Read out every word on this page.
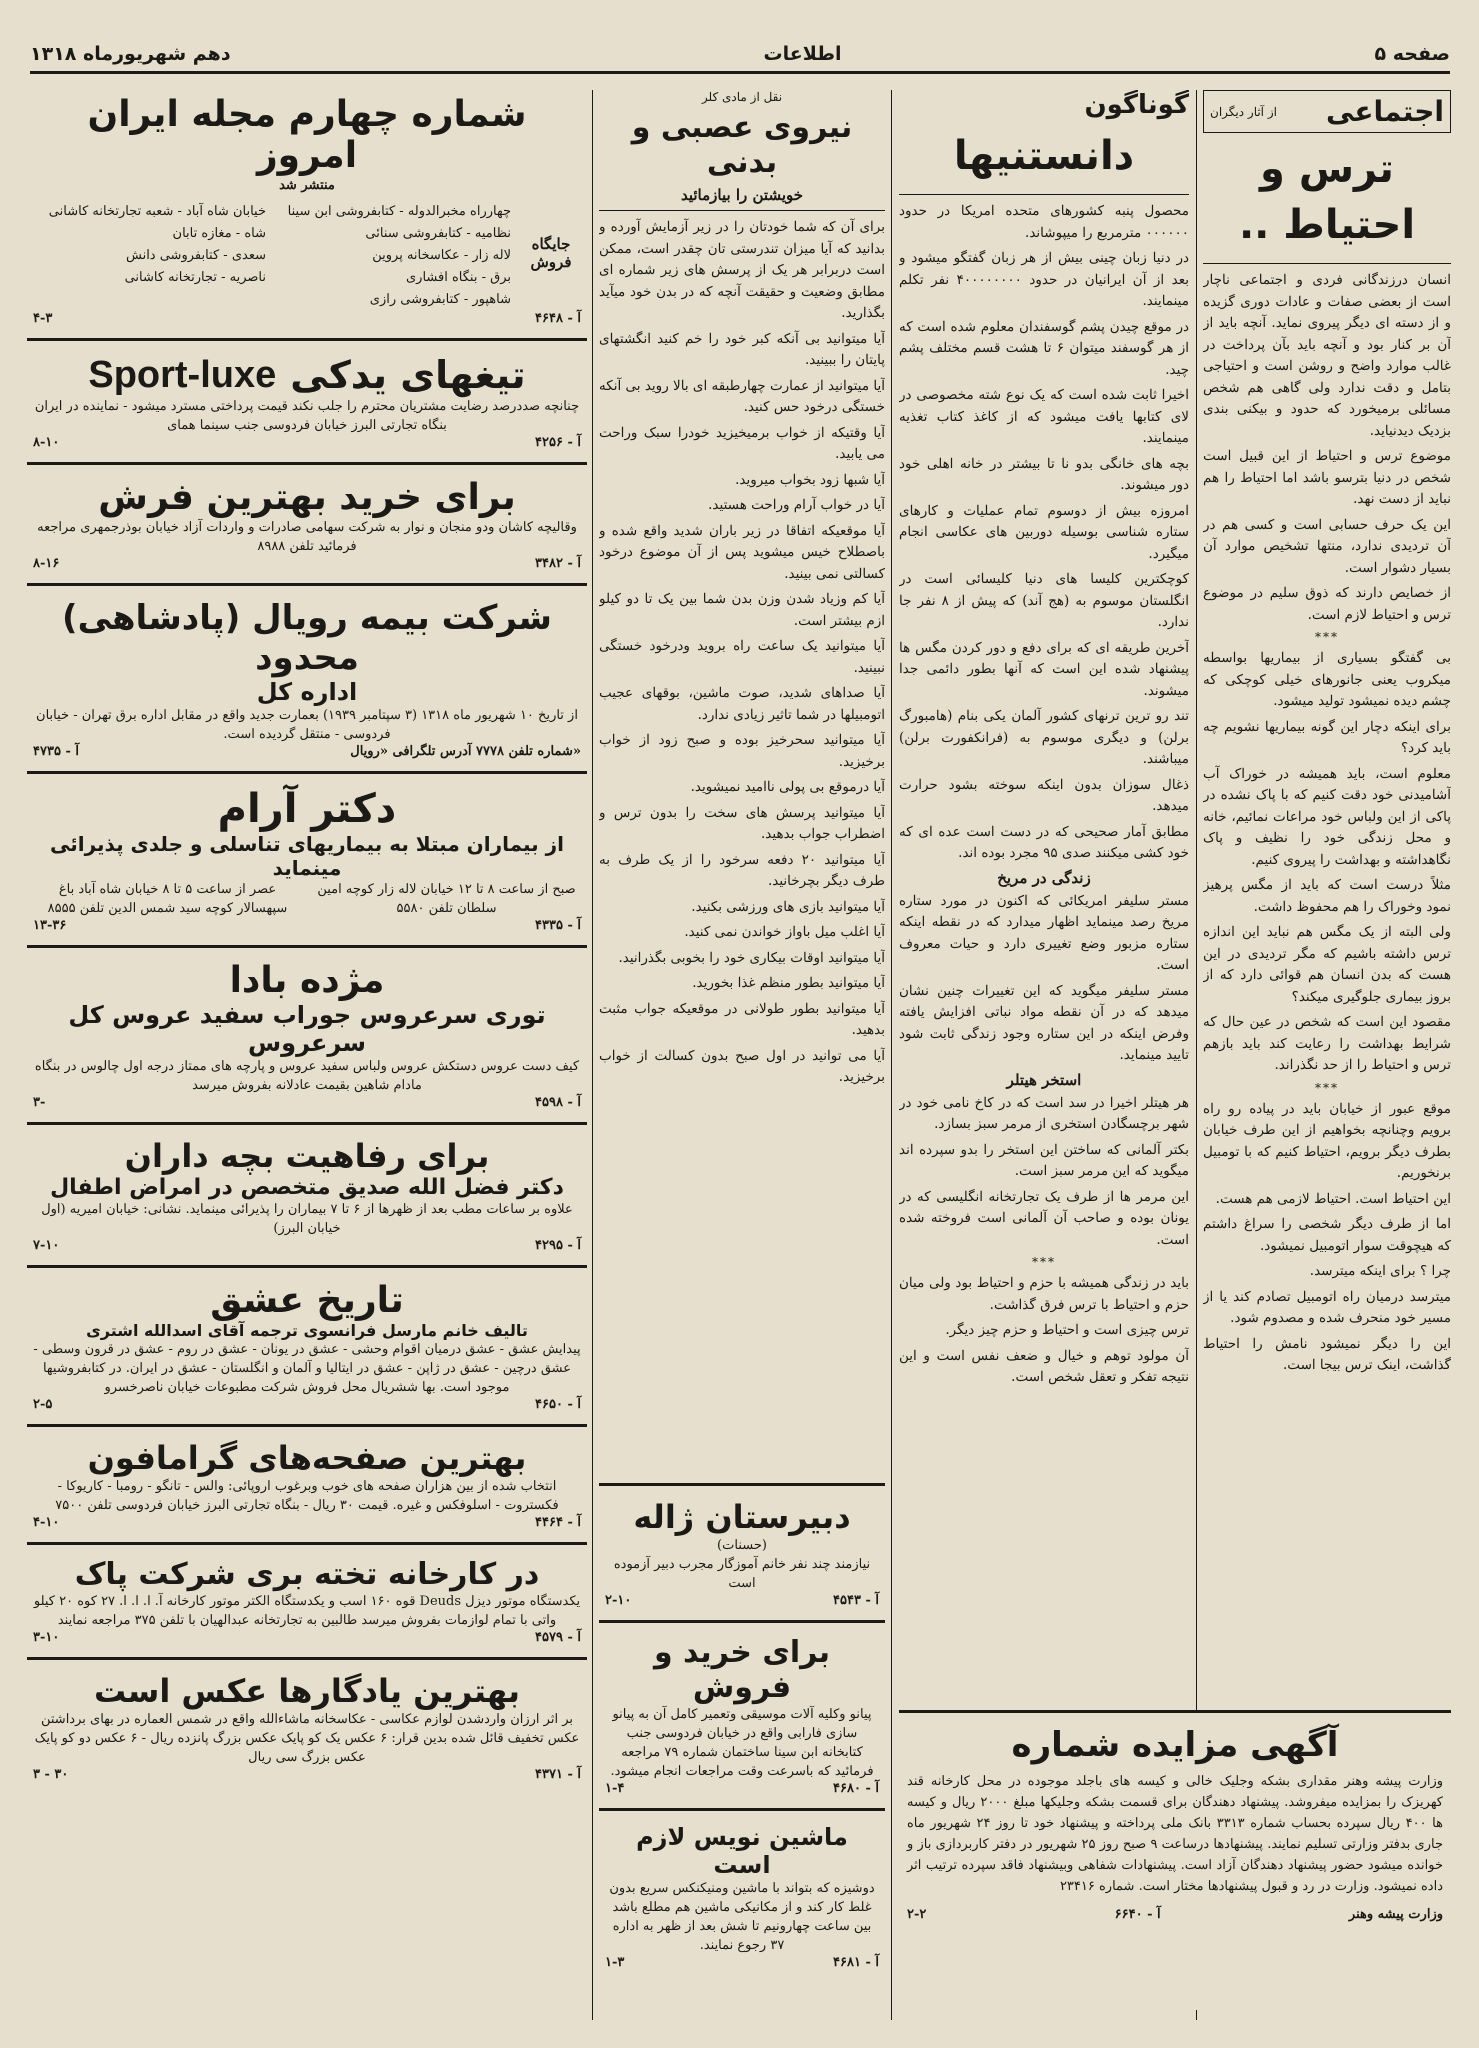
صفحه ۵
اطلاعات
دهم شهریورماه ۱۳۱۸
اجتماعی
از آثار دیگران
ترس و احتیاط ..

انسان درزندگانی فردی و اجتماعی ناچار است از بعضی صفات و عادات دوری گزیده و از دسته ای دیگر پیروی نماید. آنچه باید از آن بر کنار بود و آنچه باید بآن پرداخت در غالب موارد واضح و روشن است و احتیاجی بتامل و دقت ندارد ولی گاهی هم شخص مسائلی برمیخورد که حدود و بیکنی بندی بزدیک دیدنیاید.

موضوع ترس و احتیاط از این قبیل است شخص در دنیا بترسو باشد اما احتیاط را هم نباید از دست نهد.

این یک حرف حسابی است و کسی هم در آن تردیدی ندارد، منتها تشخیص موارد آن بسیار دشوار است.

از خصایص دارند که ذوق سلیم در موضوع ترس و احتیاط لازم است.

***

بی گفتگو بسیاری از بیماریها بواسطه میکروب یعنی جانورهای خیلی کوچکی که چشم دیده نمیشود تولید میشود.

برای اینکه دچار این گونه بیماریها نشویم چه باید کرد؟

معلوم است، باید همیشه در خوراک آب آشامیدنی خود دقت کنیم که با پاک نشده در پاکی از این ولباس خود مراعات نمائیم، خانه و محل زندگی خود را نظیف و پاک نگاهداشته و بهداشت را پیروی کنیم.

مثلاً درست است که باید از مگس پرهیز نمود وخوراک را هم محفوظ داشت.

ولی البته از یک مگس هم نباید این اندازه ترس داشته باشیم که مگر تردیدی در این هست که بدن انسان هم قوائی دارد که از بروز بیماری جلوگیری میکند؟

مقصود این است که شخص در عین حال که شرایط بهداشت را رعایت کند باید بازهم ترس و احتیاط را از حد نگذراند.

***

موقع عبور از خیابان باید در پیاده رو راه برویم وچنانچه بخواهیم از این طرف خیابان بطرف دیگر برویم، احتیاط کنیم که با تومبیل برنخوریم.

این احتیاط است. احتیاط لازمی هم هست.

اما از طرف دیگر شخصی را سراغ داشتم که هیچوقت سوار اتومبیل نمیشود.

چرا ؟ برای اینکه میترسد.

میترسد درمیان راه اتومبیل تصادم کند یا از مسیر خود منحرف شده و مصدوم شود.

این را دیگر نمیشود نامش را احتیاط گذاشت، اینک ترس بیجا است.

گوناگون
دانستنیها

محصول پنبه کشورهای متحده امریکا در حدود ۰۰۰۰۰۰ مترمربع را میپوشاند.

در دنیا زبان چینی بیش از هر زبان گفتگو میشود و بعد از آن ایرانیان در حدود ۴۰۰۰۰۰۰۰۰ نفر تکلم مینمایند.

در موقع چیدن پشم گوسفندان معلوم شده است که از هر گوسفند میتوان ۶ تا هشت قسم مختلف پشم چید.

اخیرا ثابت شده است که یک نوع شته مخصوصی در لای کتابها یافت میشود که از کاغذ کتاب تغذیه مینمایند.

بچه های خانگی بدو نا تا بیشتر در خانه اهلی خود دور میشوند.

امروزه بیش از دوسوم تمام عملیات و کارهای ستاره شناسی بوسیله دوربین های عکاسی انجام میگیرد.

کوچکترین کلیسا های دنیا کلیسائی است در انگلستان موسوم به (هج آند) که پیش از ۸ نفر جا ندارد.

آخرین طریقه ای که برای دفع و دور کردن مگس ها پیشنهاد شده این است که آنها بطور دائمی جدا میشوند.

تند رو ترین ترنهای کشور آلمان یکی بنام (هامبورگ برلن) و دیگری موسوم به (فرانکفورت برلن) میباشند.

ذغال سوزان بدون اینکه سوخته بشود حرارت میدهد.

مطابق آمار صحیحی که در دست است عده ای که خود کشی میکنند صدی ۹۵ مجرد بوده اند.

زندگی در مریخ

مستر سلیفر امریکائی که اکنون در مورد ستاره مریخ رصد مینماید اظهار میدارد که در نقطه اینکه ستاره مزبور وضع تغییری دارد و حیات معروف است.

مستر سلیفر میگوید که این تغییرات چنین نشان میدهد که در آن نقطه مواد نباتی افزایش یافته وفرض اینکه در این ستاره وجود زندگی ثابت شود تایید مینماید.

استخر هیتلر

هر هیتلر اخیرا در سد است که در کاخ نامی خود در شهر برچسگادن استخری از مرمر سبز بسازد.

بکتر آلمانی که ساختن این استخر را بدو سپرده اند میگوید که این مرمر سبز است.

این مرمر ها از طرف یک تجارتخانه انگلیسی که در یونان بوده و صاحب آن آلمانی است فروخته شده است.

***

باید در زندگی همیشه با حزم و احتیاط بود ولی میان حزم و احتیاط با ترس فرق گذاشت.

ترس چیزی است و احتیاط و حزم چیز دیگر.

آن مولود توهم و خیال و ضعف نفس است و این نتیجه تفکر و تعقل شخص است.

آگهی مزایده شماره
وزارت پیشه وهنر مقداری بشکه وجلیک خالی و کیسه های باجلد موجوده در محل کارخانه قند کهریزک را بمزایده میفروشد. پیشنهاد دهندگان برای قسمت بشکه وجلیکها مبلغ ۲۰۰۰ ریال و کیسه ها ۴۰۰ ریال سپرده بحساب شماره ۳۳۱۳ بانک ملی پرداخته و پیشنهاد خود تا روز ۲۴ شهریور ماه جاری بدفتر وزارتی تسلیم نمایند. پیشنهادها درساعت ۹ صبح روز ۲۵ شهریور در دفتر کاربردازی باز و خوانده میشود حضور پیشنهاد دهندگان آزاد است. پیشنهادات شفاهی وبیشنهاد فاقد سپرده ترتیب اثر داده نمیشود. وزارت در رد و قبول پیشنهادها مختار است. شماره ۲۳۴۱۶
وزارت پیشه وهنر
آ - ۶۶۴۰
۲-۲
نقل از مادی کلر
نیروی عصبی و بدنی
خویشتن را بیازمائید

برای آن که شما خودتان را در زیر آزمایش آورده و بدانید که آیا میزان تندرستی تان چقدر است، ممکن است دربرابر هر یک از پرسش های زیر شماره ای مطابق وضعیت و حقیقت آنچه که در بدن خود میآید بگذارید.

آیا میتوانید بی آنکه کبر خود را خم کنید انگشتهای پایتان را ببینید.

آیا میتوانید از عمارت چهارطبقه ای بالا روید بی آنکه خستگی درخود حس کنید.

آیا وقتیکه از خواب برمیخیزید خودرا سبک وراحت می یابید.

آیا شبها زود بخواب میروید.

آیا در خواب آرام وراحت هستید.

آیا موقعیکه اتفاقا در زیر باران شدید واقع شده و باصطلاح خیس میشوید پس از آن موضوع درخود کسالتی نمی بینید.

آیا کم وزیاد شدن وزن بدن شما بین یک تا دو کیلو ازم بیشتر است.

آیا میتوانید یک ساعت راه بروید ودرخود خستگی نبینید.

آیا صداهای شدید، صوت ماشین، بوقهای عجیب اتومبیلها در شما تاثیر زیادی ندارد.

آیا میتوانید سحرخیز بوده و صبح زود از خواب برخیزید.

آیا درموقع بی پولی ناامید نمیشوید.

آیا میتوانید پرسش های سخت را بدون ترس و اضطراب جواب بدهید.

آیا میتوانید ۲۰ دفعه سرخود را از یک طرف به طرف دیگر بچرخانید.

آیا میتوانید بازی های ورزشی بکنید.

آیا اغلب میل باواز خواندن نمی کنید.

آیا میتوانید اوقات بیکاری خود را بخوبی بگذرانید.

آیا میتوانید بطور منظم غذا بخورید.

آیا میتوانید بطور طولانی در موقعیکه جواب مثبت بدهید.

آیا می توانید در اول صبح بدون کسالت از خواب برخیزید.

دبیرستان ژاله
(حسنات)
نیازمند چند نفر خانم آموزگار مجرب دبیر آزموده است
۲-۱۰	آ - ۴۵۴۳
برای خرید و فروش
پیانو وکلیه آلات موسیقی وتعمیر کامل آن به پیانو سازی فارابی واقع در خیابان فردوسی جنب کتابخانه ابن سینا ساختمان شماره ۷۹ مراجعه فرمائید که باسرعت وقت مراجعات انجام میشود.
۱-۴	آ - ۴۶۸۰
ماشین نویس لازم است
دوشیزه که بتواند با ماشین ومنیکنکس سریع بدون غلط کار کند و از مکانیکی ماشین هم مطلع باشد بین ساعت چهارونیم تا شش بعد از ظهر به اداره ۳۷ رجوع نمایند.
۱-۳	آ - ۴۶۸۱
شماره چهارم مجله ایران امروز
منتشر شد
جایگاه فروش
چهارراه مخبرالدوله - کتابفروشی ابن سینا
خیابان شاه آباد - شعبه تجارتخانه کاشانی
نظامیه - کتابفروشی سنائی
شاه - مغازه تابان
لاله زار - عکاسخانه پروین
سعدی - کتابفروشی دانش
برق - بنگاه افشاری
ناصریه - تجارتخانه کاشانی
شاهپور - کتابفروشی رازی
۴-۳	آ - ۴۶۴۸
تیغهای یدکی
Sport-luxe
چنانچه صددرصد رضایت مشتریان محترم را جلب نکند قیمت پرداختی مسترد میشود - نماینده در ایران بنگاه تجارتی البرز خیابان فردوسی جنب سینما همای
۸-۱۰	آ - ۴۲۵۶
برای خرید بهترین فرش
وقالیچه کاشان ودو منجان و نوار به شرکت سهامی صادرات و واردات آزاد خیابان بوذرجمهری مراجعه فرمائید تلفن ۸۹۸۸
۸-۱۶	آ - ۳۴۸۲
شرکت بیمه رویال (پادشاهی) محدود
اداره کل
از تاریخ ۱۰ شهریور ماه ۱۳۱۸ (۳ سپتامبر ۱۹۳۹) بعمارت جدید واقع در مقابل اداره برق تهران - خیابان فردوسی - منتقل گردیده است.
آ - ۴۷۳۵	شماره تلفن ۷۷۷۸ آدرس تلگرافی «رویال»
دکتر آرام
از بیماران مبتلا به بیماریهای تناسلی و جلدی پذیرائی مینماید
صبح از ساعت ۸ تا ۱۲ خیابان لاله زار کوچه امین سلطان تلفن ۵۵۸۰
عصر از ساعت ۵ تا ۸ خیابان شاه آباد باغ سپهسالار کوچه سید شمس الدین تلفن ۸۵۵۵
۱۳-۳۶	آ - ۴۳۳۵
مژده بادا
توری سرعروس جوراب سفید عروس کل سرعروس
کیف دست عروس دستکش عروس ولباس سفید عروس و پارچه های ممتاز درجه اول چالوس در بنگاه مادام شاهین بقیمت عادلانه بفروش میرسد
۳-	آ - ۴۵۹۸
برای رفاهیت بچه داران
دکتر فضل الله صدیق متخصص در امراض اطفال
علاوه بر ساعات مطب بعد از ظهرها از ۶ تا ۷ بیماران را پذیرائی مینماید. نشانی: خیابان امیریه (اول خیابان البرز)
۷-۱۰	آ - ۴۲۹۵
تاریخ عشق
تالیف خانم مارسل فرانسوی ترجمه آقای اسدالله اشتری
پیدایش عشق - عشق درمیان اقوام وحشی - عشق در یونان - عشق در روم - عشق در قرون وسطی - عشق درچین - عشق در ژاپن - عشق در ایتالیا و آلمان و انگلستان - عشق در ایران. در کتابفروشیها موجود است. بها ششریال محل فروش شرکت مطبوعات خیابان ناصرخسرو
۲-۵	آ - ۴۶۵۰
بهترین صفحه‌های گرامافون
انتخاب شده از بین هزاران صفحه های خوب وبرغوب اروپائی: والس - تانگو - رومبا - کاریوکا - فکستروت - اسلوفکس و غیره. قیمت ۳۰ ریال - بنگاه تجارتی البرز خیابان فردوسی تلفن ۷۵۰۰
۴-۱۰	آ - ۴۴۶۴
در کارخانه تخته بری شرکت پاک
یکدستگاه موتور دیزل Deuds قوه ۱۶۰ اسب و یکدستگاه الکتر موتور کارخانه آ. ا. ا. ا. ۲۷ کوه ۲۰ کیلو واتی با تمام لوازمات بفروش میرسد طالبین به تجارتخانه عبدالهیان با تلفن ۳۷۵ مراجعه نمایند
۳-۱۰	آ - ۴۵۷۹
بهترین یادگارها عکس است
بر اثر ارزان واردشدن لوازم عکاسی - عکاسخانه ماشاءالله واقع در شمس العماره در بهای برداشتن عکس تخفیف قائل شده بدین قرار: ۶ عکس یک کو پایک عکس بزرگ پانزده ریال - ۶ عکس دو کو پایک عکس بزرگ سی ریال
۳ - ۳۰	آ - ۴۳۷۱
